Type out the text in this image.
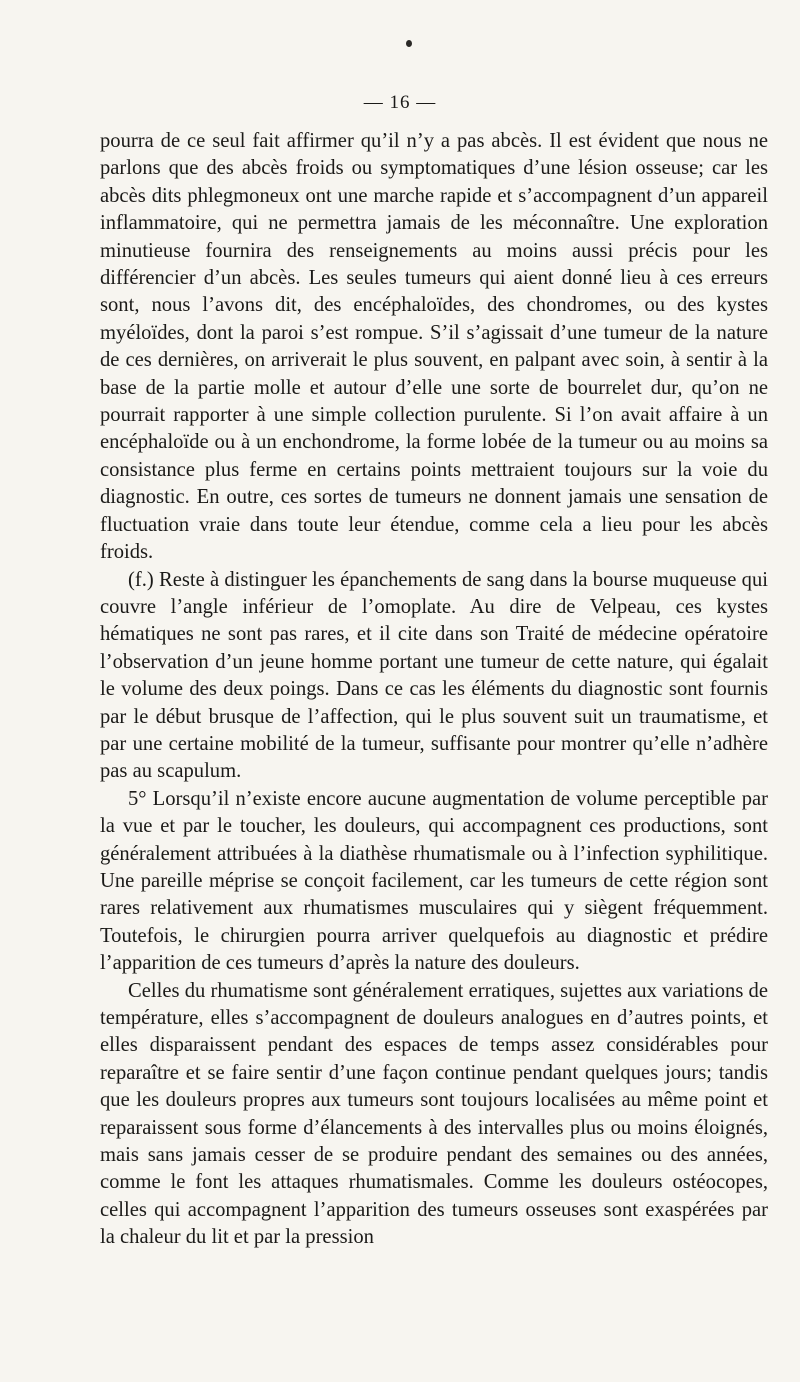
— 16 —

pourra de ce seul fait affirmer qu’il n’y a pas abcès. Il est évident que nous ne parlons que des abcès froids ou symptomatiques d’une lésion osseuse; car les abcès dits phlegmoneux ont une marche rapide et s’accompagnent d’un appareil inflammatoire, qui ne permettra jamais de les méconnaître. Une exploration minutieuse fournira des renseignements au moins aussi précis pour les différencier d’un abcès. Les seules tumeurs qui aient donné lieu à ces erreurs sont, nous l’avons dit, des encéphaloïdes, des chondromes, ou des kystes myéloïdes, dont la paroi s’est rompue. S’il s’agissait d’une tumeur de la nature de ces dernières, on arriverait le plus souvent, en palpant avec soin, à sentir à la base de la partie molle et autour d’elle une sorte de bourrelet dur, qu’on ne pourrait rapporter à une simple collection purulente. Si l’on avait affaire à un encéphaloïde ou à un enchondrome, la forme lobée de la tumeur ou au moins sa consistance plus ferme en certains points mettraient toujours sur la voie du diagnostic. En outre, ces sortes de tumeurs ne donnent jamais une sensation de fluctuation vraie dans toute leur étendue, comme cela a lieu pour les abcès froids.

(f.) Reste à distinguer les épanchements de sang dans la bourse muqueuse qui couvre l’angle inférieur de l’omoplate. Au dire de Velpeau, ces kystes hématiques ne sont pas rares, et il cite dans son Traité de médecine opératoire l’observation d’un jeune homme portant une tumeur de cette nature, qui égalait le volume des deux poings. Dans ce cas les éléments du diagnostic sont fournis par le début brusque de l’affection, qui le plus souvent suit un traumatisme, et par une certaine mobilité de la tumeur, suffisante pour montrer qu’elle n’adhère pas au scapulum.

5° Lorsqu’il n’existe encore aucune augmentation de volume perceptible par la vue et par le toucher, les douleurs, qui accompagnent ces productions, sont généralement attribuées à la diathèse rhumatismale ou à l’infection syphilitique. Une pareille méprise se conçoit facilement, car les tumeurs de cette région sont rares relativement aux rhumatismes musculaires qui y siègent fréquemment. Toutefois, le chirurgien pourra arriver quelquefois au diagnostic et prédire l’apparition de ces tumeurs d’après la nature des douleurs.

Celles du rhumatisme sont généralement erratiques, sujettes aux variations de température, elles s’accompagnent de douleurs analogues en d’autres points, et elles disparaissent pendant des espaces de temps assez considérables pour reparaître et se faire sentir d’une façon continue pendant quelques jours; tandis que les douleurs propres aux tumeurs sont toujours localisées au même point et reparaissent sous forme d’élancements à des intervalles plus ou moins éloignés, mais sans jamais cesser de se produire pendant des semaines ou des années, comme le font les attaques rhumatismales. Comme les douleurs ostéocopes, celles qui accompagnent l’apparition des tumeurs osseuses sont exaspérées par la chaleur du lit et par la pression
